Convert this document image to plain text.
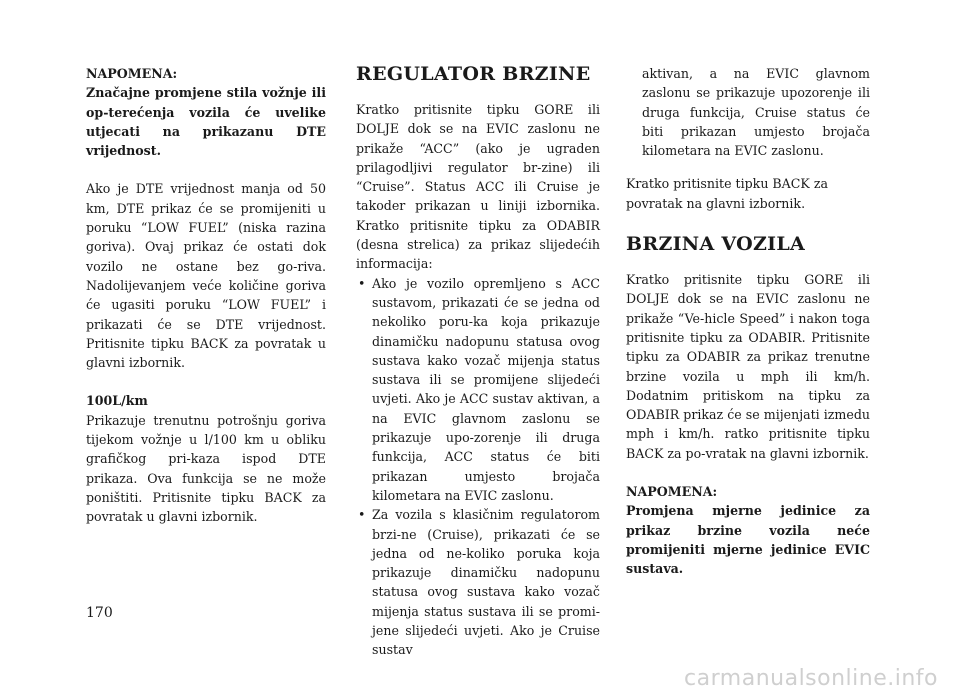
NAPOMENA:

Značajne promjene stila vožnje ili op-terećenja vozila će uvelike utjecati na prikazanu DTE vrijednost.

Ako je DTE vrijednost manja od 50 km, DTE prikaz će se promijeniti u poruku “LOW FUEL” (niska razina goriva). Ovaj prikaz će ostati dok vozilo ne ostane bez go-riva. Nadolijevanjem veće količine goriva će ugasiti poruku “LOW FUEL” i prikazati će se DTE vrijednost. Pritisnite tipku BACK za povratak u glavni izbornik.

100L/km

Prikazuje trenutnu potrošnju goriva tijekom vožnje u l/100 km u obliku grafičkog pri-kaza ispod DTE prikaza. Ova funkcija se ne može poništiti. Pritisnite tipku BACK za povratak u glavni izbornik.

REGULATOR BRZINE

Kratko pritisnite tipku GORE ili DOLJE dok se na EVIC zaslonu ne prikaže “ACC” (ako je ugraden prilagodljivi regulator br-zine) ili “Cruise”. Status ACC ili Cruise je takoder prikazan u liniji izbornika. Kratko pritisnite tipku za ODABIR (desna strelica) za prikaz slijedećih informacija:

• Ako je vozilo opremljeno s ACC sustavom, prikazati će se jedna od nekoliko poru-ka koja prikazuje dinamičku nadopunu statusa ovog sustava kako vozač mijenja status sustava ili se promijene slijedeći uvjeti. Ako je ACC sustav aktivan, a na EVIC glavnom zaslonu se prikazuje upo-zorenje ili druga funkcija, ACC status će biti prikazan umjesto brojača kilometara na EVIC zaslonu.
• Za vozila s klasičnim regulatorom brzi-ne (Cruise), prikazati će se jedna od ne-koliko poruka koja prikazuje dinamičku nadopunu statusa ovog sustava kako vozač mijenja status sustava ili se promi-jene slijedeći uvjeti. Ako je Cruise sustav

aktivan, a na EVIC glavnom zaslonu se prikazuje upozorenje ili druga funkcija, Cruise status će biti prikazan umjesto brojača kilometara na EVIC zaslonu.

Kratko pritisnite tipku BACK za povratak na glavni izbornik.

BRZINA VOZILA

Kratko pritisnite tipku GORE ili DOLJE dok se na EVIC zaslonu ne prikaže “Ve-hicle Speed” i nakon toga pritisnite tipku za ODABIR. Pritisnite tipku za ODABIR za prikaz trenutne brzine vozila u mph ili km/h. Dodatnim pritiskom na tipku za ODABIR prikaz će se mijenjati izmedu mph i km/h. ratko pritisnite tipku BACK za po-vratak na glavni izbornik.

NAPOMENA:

Promjena mjerne jedinice za prikaz brzine vozila neće promijeniti mjerne jedinice EVIC sustava.

170
carmanualsonline.info
